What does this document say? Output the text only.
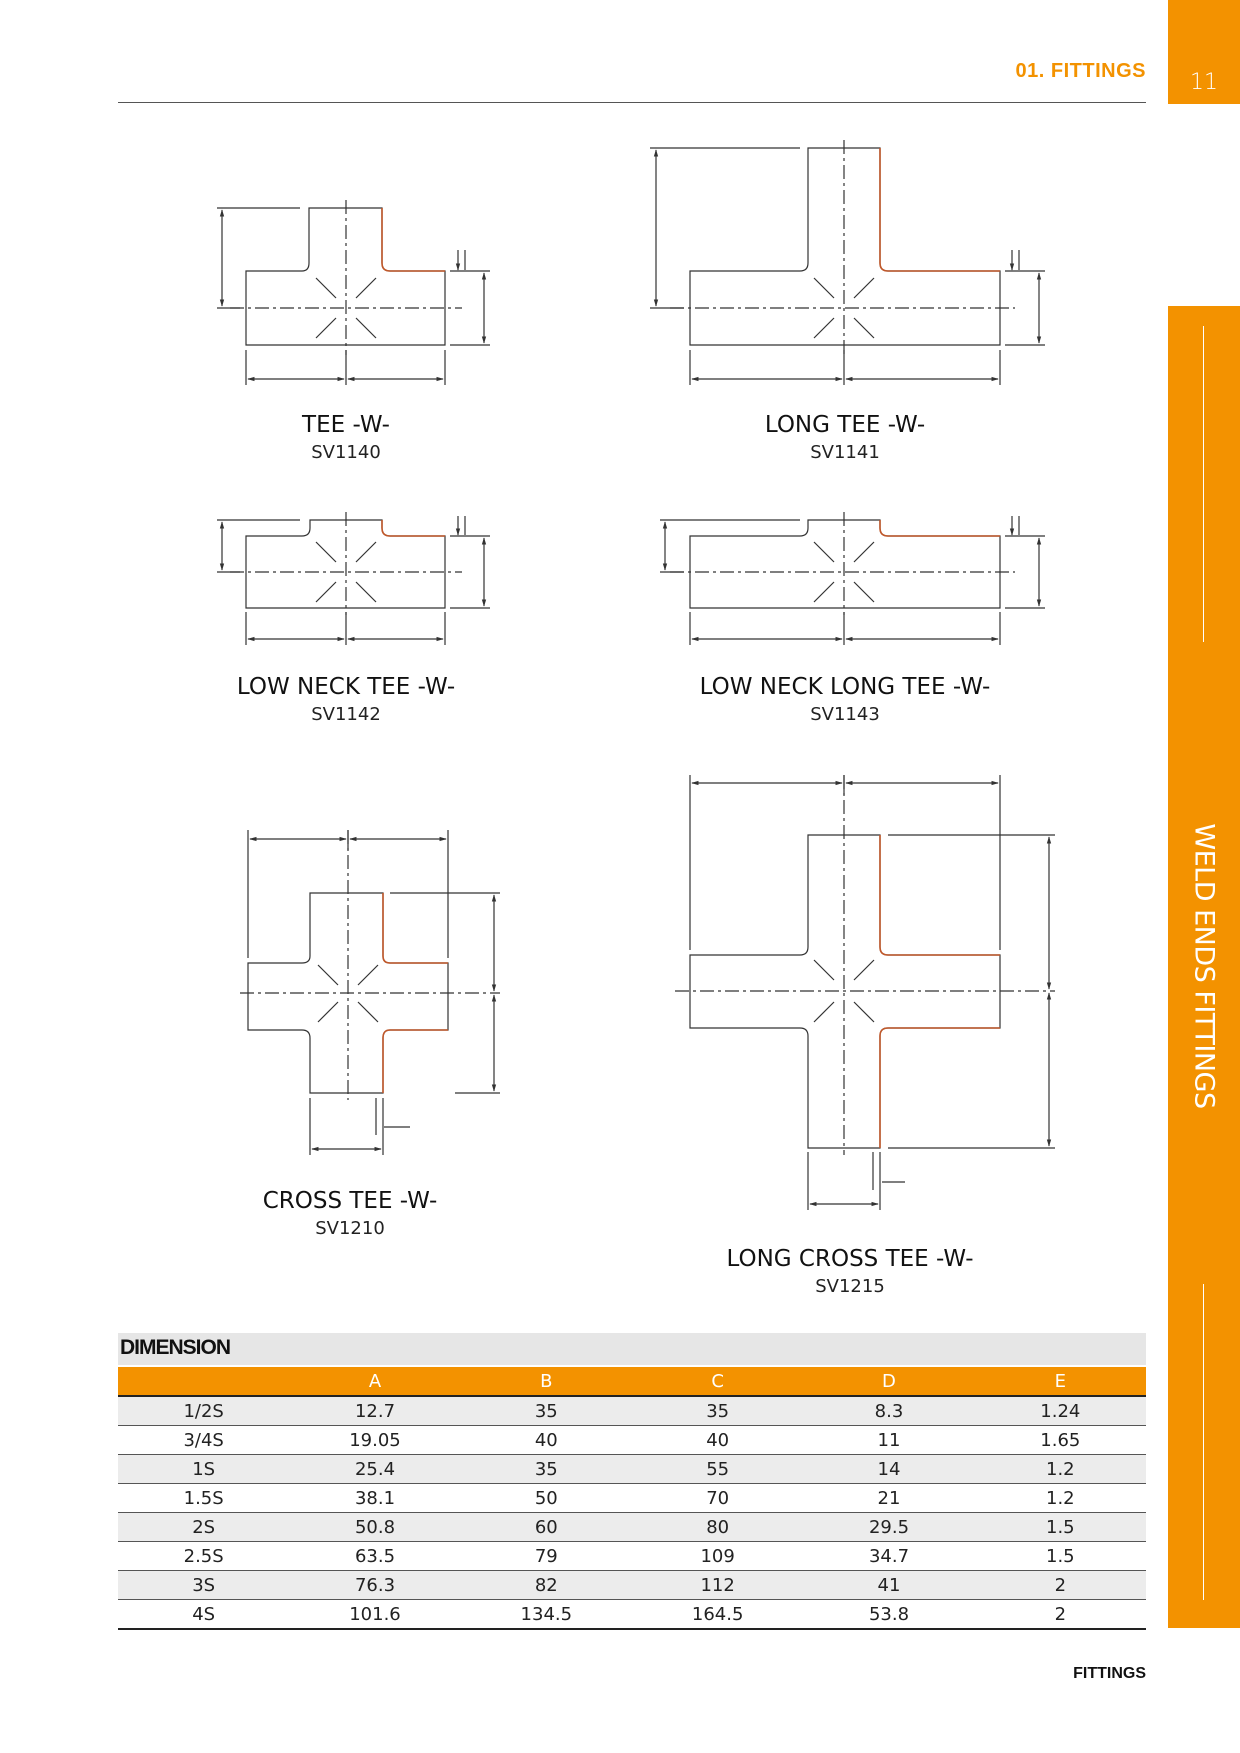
01. FITTINGS	11
WELD ENDS FITTINGS
TEE -W-
SV1140
LONG TEE -W-
SV1141
LOW NECK TEE -W-
SV1142
LOW NECK LONG TEE -W-
SV1143
CROSS TEE -W-
SV1210
LONG CROSS TEE -W-
SV1215
DIMENSION
	A	B	C	D	E
1/2S	12.7	35	35	8.3	1.24
3/4S	19.05	40	40	11	1.65
1S	25.4	35	55	14	1.2
1.5S	38.1	50	70	21	1.2
2S	50.8	60	80	29.5	1.5
2.5S	63.5	79	109	34.7	1.5
3S	76.3	82	112	41	2
4S	101.6	134.5	164.5	53.8	2
FITTINGS
